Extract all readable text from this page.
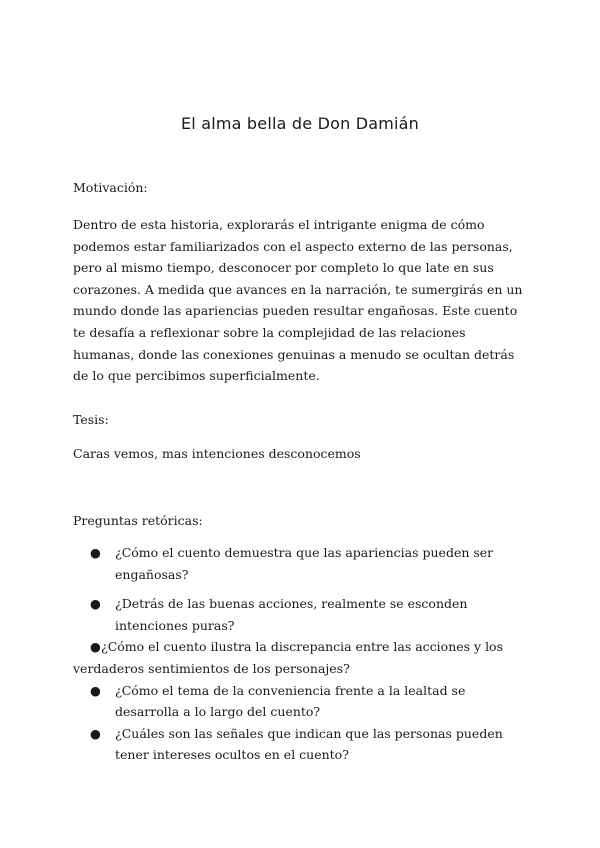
El alma bella de Don Damián

Motivación:

Dentro de esta historia, explorarás el intrigante enigma de cómo podemos estar familiarizados con el aspecto externo de las personas, pero al mismo tiempo, desconocer por completo lo que late en sus corazones. A medida que avances en la narración, te sumergirás en un mundo donde las apariencias pueden resultar engañosas. Este cuento te desafía a reflexionar sobre la complejidad de las relaciones humanas, donde las conexiones genuinas a menudo se ocultan detrás de lo que percibimos superficialmente.

Tesis:

Caras vemos, mas intenciones desconocemos

Preguntas retóricas:

●	¿Cómo el cuento demuestra que las apariencias pueden ser engañosas?
●	¿Detrás de las buenas acciones, realmente se esconden intenciones puras?
● ¿Cómo el cuento ilustra la discrepancia entre las acciones y los verdaderos sentimientos de los personajes?
●	¿Cómo el tema de la conveniencia frente a la lealtad se desarrolla a lo largo del cuento?
●	¿Cuáles son las señales que indican que las personas pueden tener intereses ocultos en el cuento?
